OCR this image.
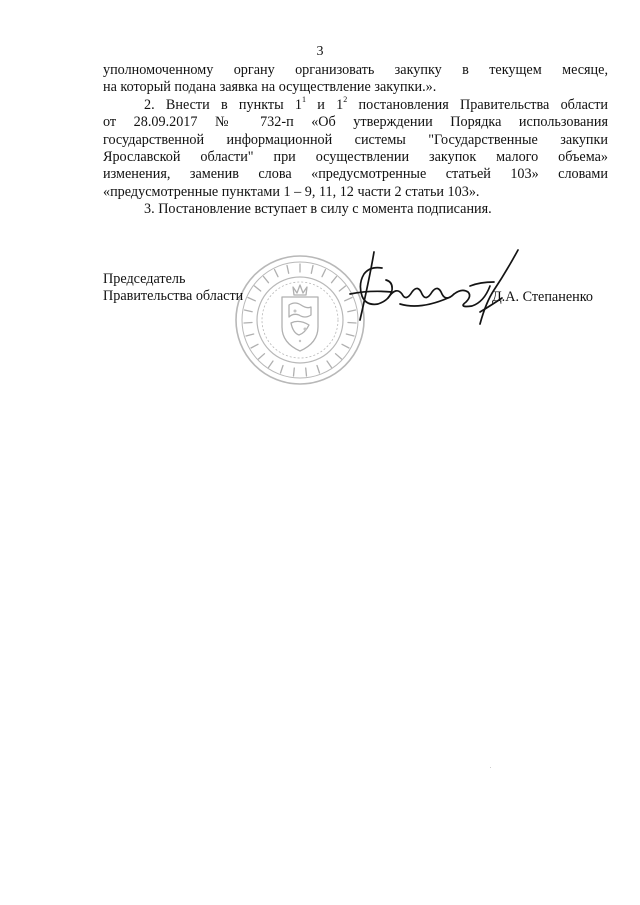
3

уполномоченному органу организовать закупку в текущем месяце,
на который подана заявка на осуществление закупки.».

2. Внести в пункты $1^1$ и $1^2$ постановления Правительства области
от 28.09.2017 № 732-п «Об утверждении Порядка использования
государственной информационной системы "Государственные закупки
Ярославской области" при осуществлении закупок малого объема»
изменения, заменив слова «предусмотренные статьей 103» словами
«предусмотренные пунктами 1 – 9, 11, 12 части 2 статьи 103».

3. Постановление вступает в силу с момента подписания.

Председатель
Правительства области	Д.А. Степаненко
